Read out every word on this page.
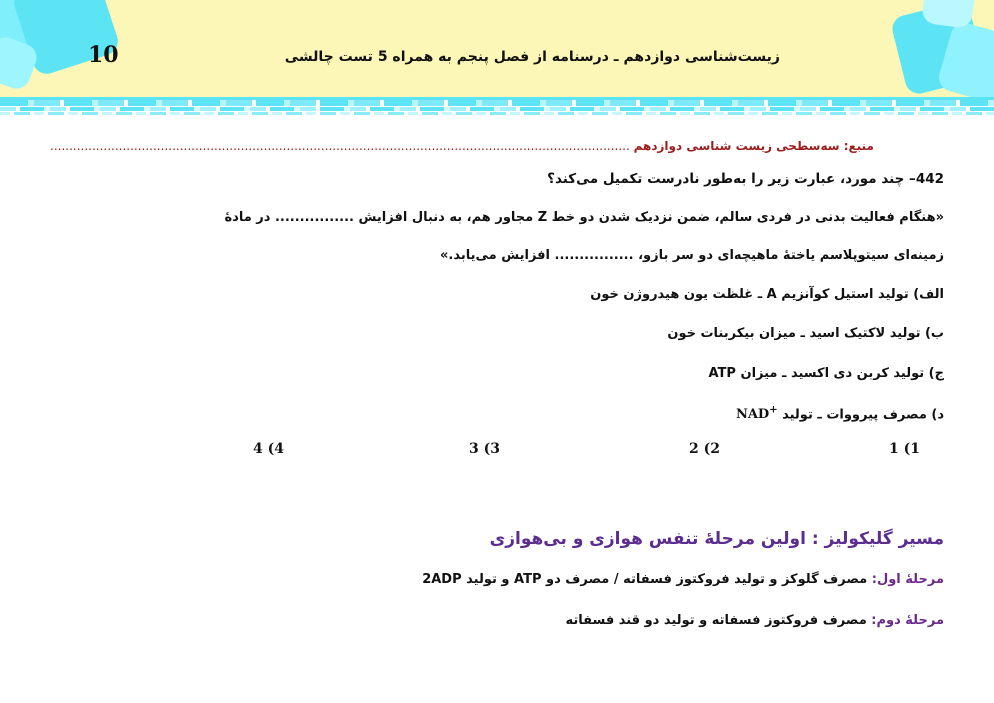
10	زیست‌شناسی دوازدهم ـ درسنامه از فصل پنجم به همراه 5 تست چالشی
منبع: سه‌سطحی زیست شناسی دوازدهم ........................................................................................................................................................
442– چند مورد، عبارت زیر را به‌طور نادرست تکمیل می‌کند؟
«هنگام فعالیت بدنی در فردی سالم، ضمن نزدیک شدن دو خط Z مجاور هم، به دنبال افزایش ................ در مادهٔ
زمینه‌ای سیتوپلاسم یاختهٔ ماهیچه‌ای دو سر بازو، ................ افزایش می‌یابد.»
الف) تولید استیل کوآنزیم A ـ غلظت یون هیدروژن خون
ب) تولید لاکتیک اسید ـ میزان بیکربنات خون
ج) تولید کربن دی اکسید ـ میزان ATP
د) مصرف پیرووات ـ تولید NAD+
1 (1
2 (2
3 (3
4 (4
مسیر گلیکولیز : اولین مرحلهٔ تنفس هوازی و بی‌هوازی
مرحلهٔ اول: مصرف گلوکز و تولید فروکتوز فسفاته / مصرف دو ATP و تولید 2ADP
مرحلهٔ دوم: مصرف فروکتوز فسفاته و تولید دو قند فسفاته
